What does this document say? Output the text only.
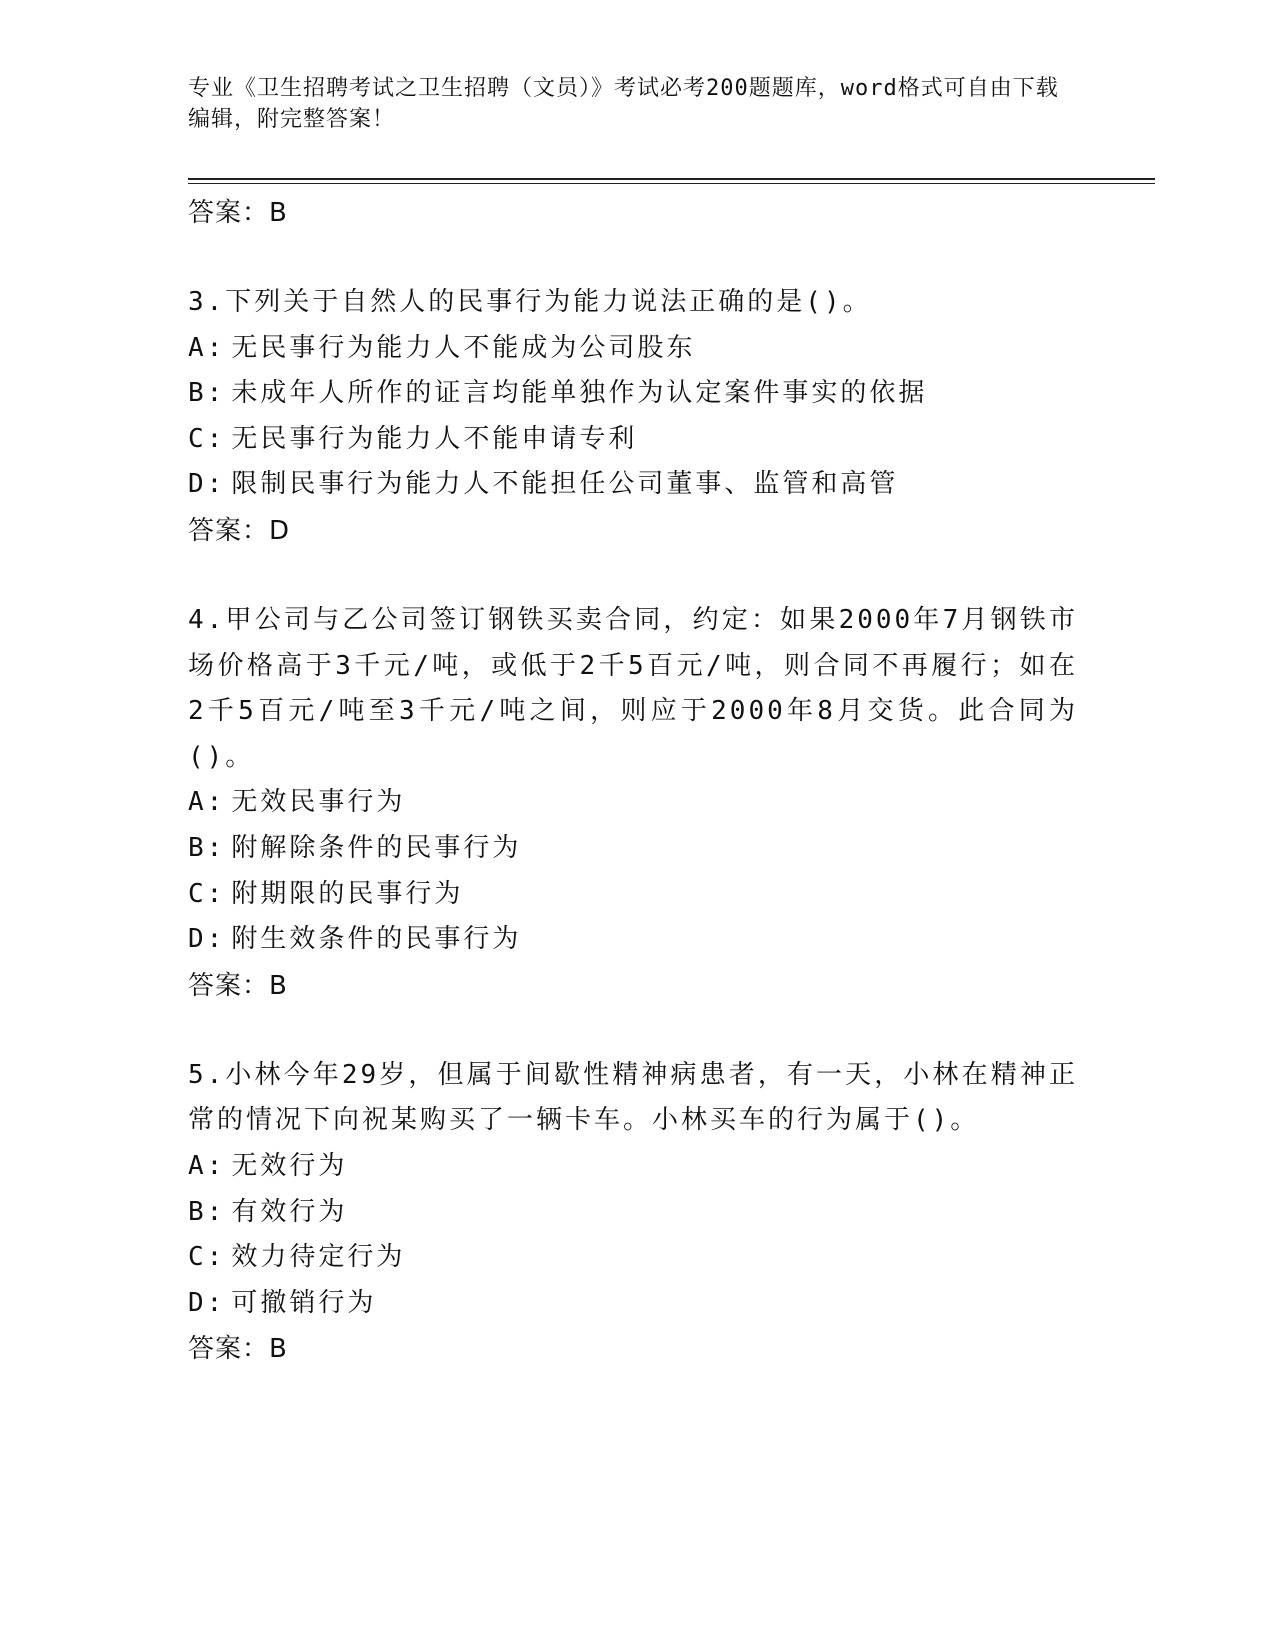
专业《卫生招聘考试之卫生招聘（文员）》考试必考200题题库，word格式可自由下载编辑，附完整答案！
答案：B
3.下列关于自然人的民事行为能力说法正确的是()。
A: 无民事行为能力人不能成为公司股东
B: 未成年人所作的证言均能单独作为认定案件事实的依据
C: 无民事行为能力人不能申请专利
D: 限制民事行为能力人不能担任公司董事、监管和高管
答案：D
4.甲公司与乙公司签订钢铁买卖合同，约定：如果2000年7月钢铁市场价格高于3千元/吨，或低于2千5百元/吨，则合同不再履行；如在2千5百元/吨至3千元/吨之间，则应于2000年8月交货。此合同为()。
A: 无效民事行为
B: 附解除条件的民事行为
C: 附期限的民事行为
D: 附生效条件的民事行为
答案：B
5.小林今年29岁，但属于间歇性精神病患者，有一天，小林在精神正常的情况下向祝某购买了一辆卡车。小林买车的行为属于()。
A: 无效行为
B: 有效行为
C: 效力待定行为
D: 可撤销行为
答案：B
